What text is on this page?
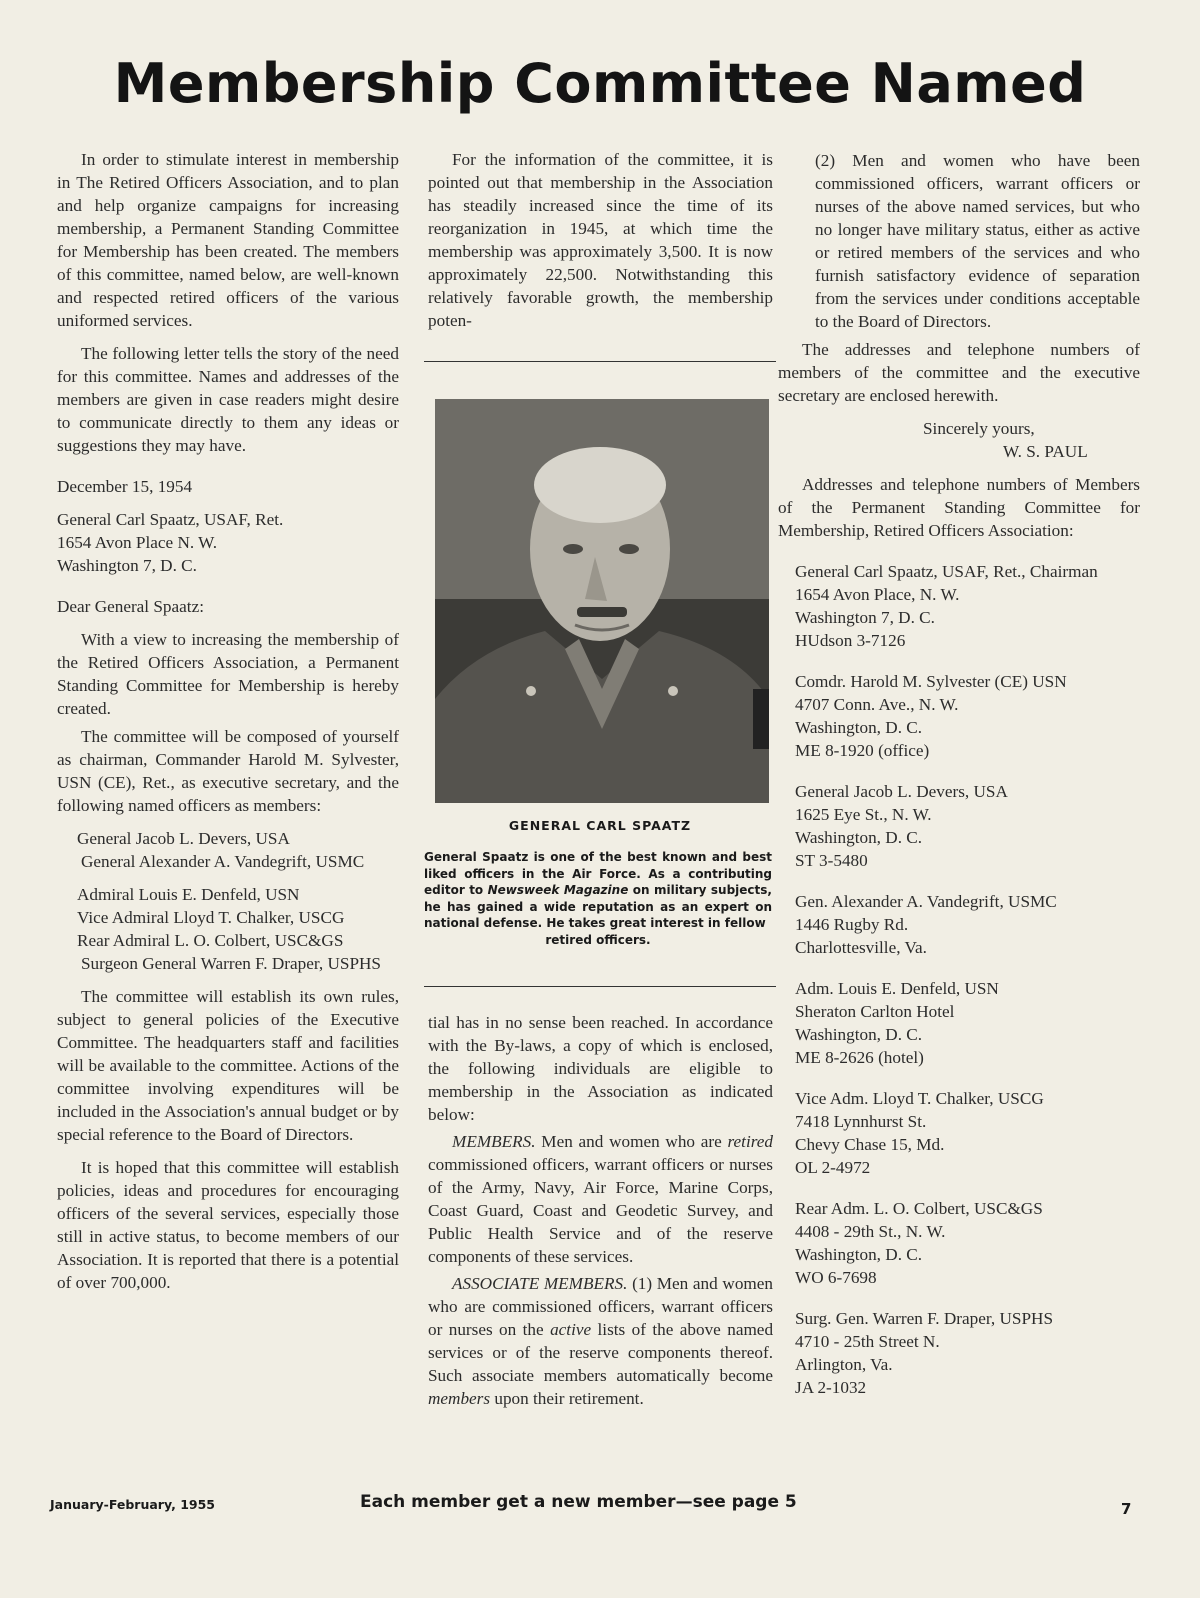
Membership Committee Named

In order to stimulate interest in membership in The Retired Officers Association, and to plan and help organize campaigns for increasing membership, a Permanent Standing Committee for Membership has been created. The members of this committee, named below, are well-known and respected retired officers of the various uniformed services.

The following letter tells the story of the need for this committee. Names and addresses of the members are given in case readers might desire to communicate directly to them any ideas or suggestions they may have.

December 15, 1954

General Carl Spaatz, USAF, Ret.

1654 Avon Place N. W.

Washington 7, D. C.

Dear General Spaatz:

With a view to increasing the membership of the Retired Officers Association, a Permanent Standing Committee for Membership is hereby created.

The committee will be composed of yourself as chairman, Commander Harold M. Sylvester, USN (CE), Ret., as executive secretary, and the following named officers as members:

General Jacob L. Devers, USA

General Alexander A. Vandegrift, USMC

Admiral Louis E. Denfeld, USN

Vice Admiral Lloyd T. Chalker, USCG

Rear Admiral L. O. Colbert, USC&GS

Surgeon General Warren F. Draper, USPHS

The committee will establish its own rules, subject to general policies of the Executive Committee. The headquarters staff and facilities will be available to the committee. Actions of the committee involving expenditures will be included in the Association's annual budget or by special reference to the Board of Directors.

It is hoped that this committee will establish policies, ideas and procedures for encouraging officers of the several services, especially those still in active status, to become members of our Association. It is reported that there is a potential of over 700,000.

For the information of the committee, it is pointed out that membership in the Association has steadily increased since the time of its reorganization in 1945, at which time the membership was approximately 3,500. It is now approximately 22,500. Notwithstanding this relatively favorable growth, the membership poten-

GENERAL CARL SPAATZ
General Spaatz is one of the best known and best liked officers in the Air Force. As a contributing editor to Newsweek Magazine on military subjects, he has gained a wide reputation as an expert on national defense. He takes great interest in fellow
retired officers.

tial has in no sense been reached. In accordance with the By-laws, a copy of which is enclosed, the following individuals are eligible to membership in the Association as indicated below:

MEMBERS. Men and women who are retired commissioned officers, warrant officers or nurses of the Army, Navy, Air Force, Marine Corps, Coast Guard, Coast and Geodetic Survey, and Public Health Service and of the reserve components of these services.

ASSOCIATE MEMBERS. (1) Men and women who are commissioned officers, warrant officers or nurses on the active lists of the above named services or of the reserve components thereof. Such associate members automatically become members upon their retirement.

(2) Men and women who have been commissioned officers, warrant officers or nurses of the above named services, but who no longer have military status, either as active or retired members of the services and who furnish satisfactory evidence of separation from the services under conditions acceptable to the Board of Directors.

The addresses and telephone numbers of members of the committee and the executive secretary are enclosed herewith.

Sincerely yours,

W. S. PAUL

Addresses and telephone numbers of Members of the Permanent Standing Committee for Membership, Retired Officers Association:

General Carl Spaatz, USAF, Ret., Chairman

1654 Avon Place, N. W.

Washington 7, D. C.

HUdson 3-7126

Comdr. Harold M. Sylvester (CE) USN

4707 Conn. Ave., N. W.

Washington, D. C.

ME 8-1920 (office)

General Jacob L. Devers, USA

1625 Eye St., N. W.

Washington, D. C.

ST 3-5480

Gen. Alexander A. Vandegrift, USMC

1446 Rugby Rd.

Charlottesville, Va.

Adm. Louis E. Denfeld, USN

Sheraton Carlton Hotel

Washington, D. C.

ME 8-2626 (hotel)

Vice Adm. Lloyd T. Chalker, USCG

7418 Lynnhurst St.

Chevy Chase 15, Md.

OL 2-4972

Rear Adm. L. O. Colbert, USC&GS

4408 - 29th St., N. W.

Washington, D. C.

WO 6-7698

Surg. Gen. Warren F. Draper, USPHS

4710 - 25th Street N.

Arlington, Va.

JA 2-1032

January-February, 1955	Each member get a new member—see page 5	7
